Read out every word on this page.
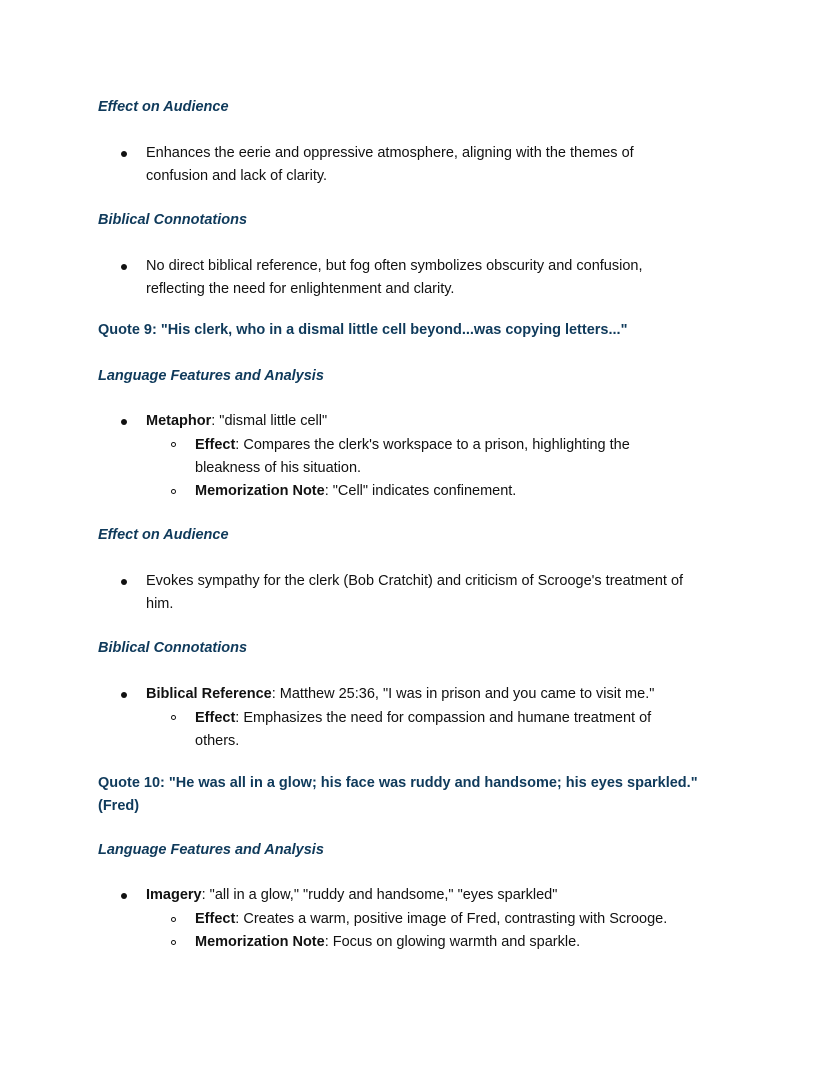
Effect on Audience
Enhances the eerie and oppressive atmosphere, aligning with the themes of
confusion and lack of clarity.
Biblical Connotations
No direct biblical reference, but fog often symbolizes obscurity and confusion,
reflecting the need for enlightenment and clarity.
Quote 9: "His clerk, who in a dismal little cell beyond...was copying letters..."
Language Features and Analysis
Metaphor: "dismal little cell"
Effect: Compares the clerk's workspace to a prison, highlighting the
bleakness of his situation.
Memorization Note: "Cell" indicates confinement.
Effect on Audience
Evokes sympathy for the clerk (Bob Cratchit) and criticism of Scrooge's treatment of
him.
Biblical Connotations
Biblical Reference: Matthew 25:36, "I was in prison and you came to visit me."
Effect: Emphasizes the need for compassion and humane treatment of
others.
Quote 10: "He was all in a glow; his face was ruddy and handsome; his eyes sparkled."
(Fred)
Language Features and Analysis
Imagery: "all in a glow," "ruddy and handsome," "eyes sparkled"
Effect: Creates a warm, positive image of Fred, contrasting with Scrooge.
Memorization Note: Focus on glowing warmth and sparkle.
